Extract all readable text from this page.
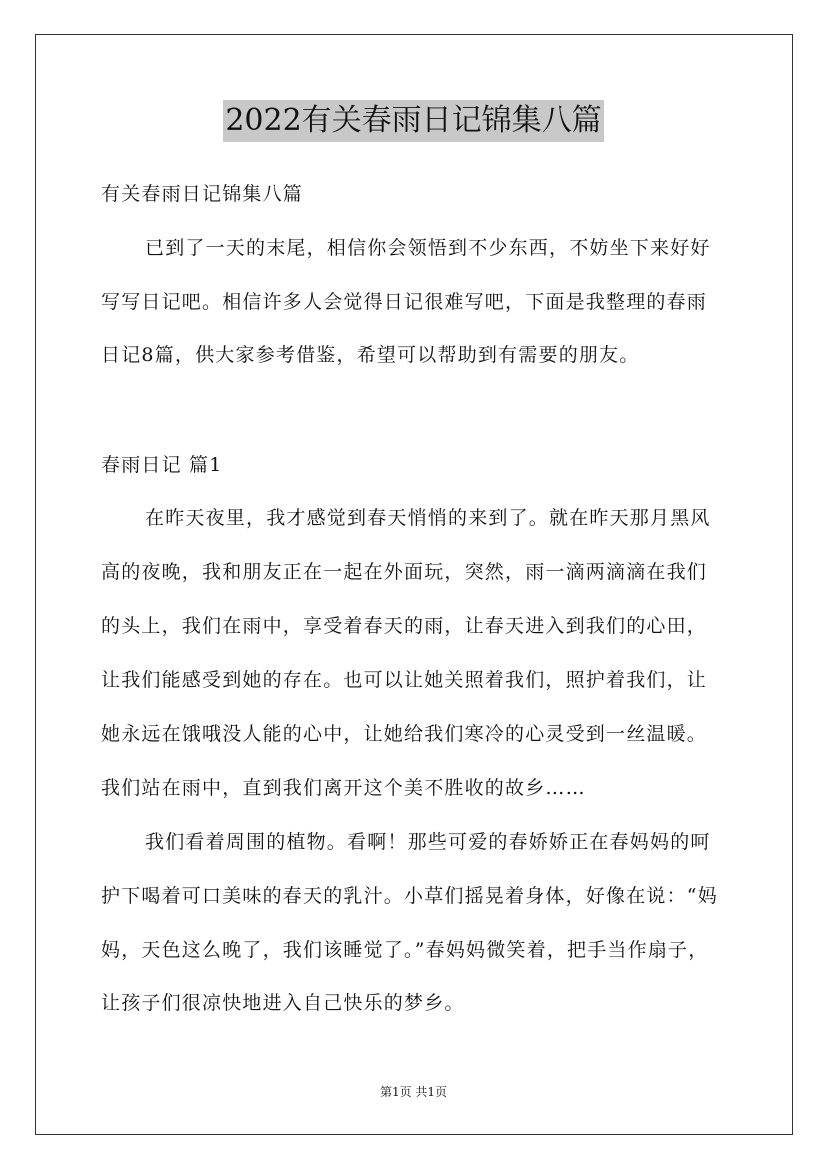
2022有关春雨日记锦集八篇
有关春雨日记锦集八篇
已到了一天的末尾，相信你会领悟到不少东西，不妨坐下来好好
写写日记吧。相信许多人会觉得日记很难写吧，下面是我整理的春雨
日记8篇，供大家参考借鉴，希望可以帮助到有需要的朋友。
春雨日记 篇1
在昨天夜里，我才感觉到春天悄悄的来到了。就在昨天那月黑风
高的夜晚，我和朋友正在一起在外面玩，突然，雨一滴两滴滴在我们
的头上，我们在雨中，享受着春天的雨，让春天进入到我们的心田，
让我们能感受到她的存在。也可以让她关照着我们，照护着我们，让
她永远在饿哦没人能的心中，让她给我们寒冷的心灵受到一丝温暖。
我们站在雨中，直到我们离开这个美不胜收的故乡……
我们看着周围的植物。看啊！那些可爱的春娇娇正在春妈妈的呵
护下喝着可口美味的春天的乳汁。小草们摇晃着身体，好像在说：“妈
妈，天色这么晚了，我们该睡觉了。”春妈妈微笑着，把手当作扇子，
让孩子们很凉快地进入自己快乐的梦乡。
第1页 共1页
